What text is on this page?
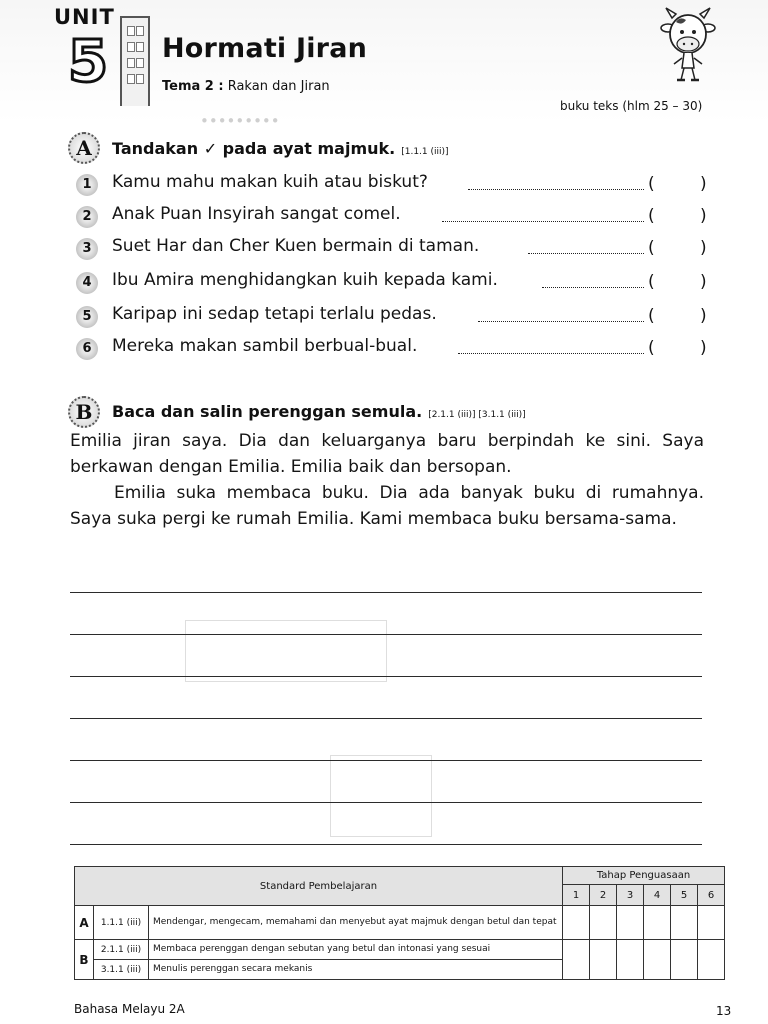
•••••••••
UNIT
5 Hormati Jiran
Tema 2 : Rakan dan Jiran
buku teks (hlm 25 – 30)
A	Tandakan ✓ pada ayat majmuk. [1.1.1 (iii)]
1	Kamu mahu makan kuih atau biskut?	(	)
2	Anak Puan Insyirah sangat comel.	(	)
3	Suet Har dan Cher Kuen bermain di taman.	(	)
4	Ibu Amira menghidangkan kuih kepada kami.	(	)
5	Karipap ini sedap tetapi terlalu pedas.	(	)
6	Mereka makan sambil berbual-bual.	(	)
B	Baca dan salin perenggan semula. [2.1.1 (iii)] [3.1.1 (iii)]

Emilia jiran saya. Dia dan keluarganya baru berpindah ke sini. Saya berkawan dengan Emilia. Emilia baik dan bersopan.

Emilia suka membaca buku. Dia ada banyak buku di rumahnya. Saya suka pergi ke rumah Emilia. Kami membaca buku bersama-sama.

Standard Pembelajaran			Tahap Penguasaan					
			1	2	3	4	5	6
A	1.1.1 (iii)	Mendengar, mengecam, memahami dan menyebut ayat majmuk dengan betul dan tepat						
B	2.1.1 (iii)	Membaca perenggan dengan sebutan yang betul dan intonasi yang sesuai						
	3.1.1 (iii)	Menulis perenggan secara mekanis						
Bahasa Melayu 2A	13
